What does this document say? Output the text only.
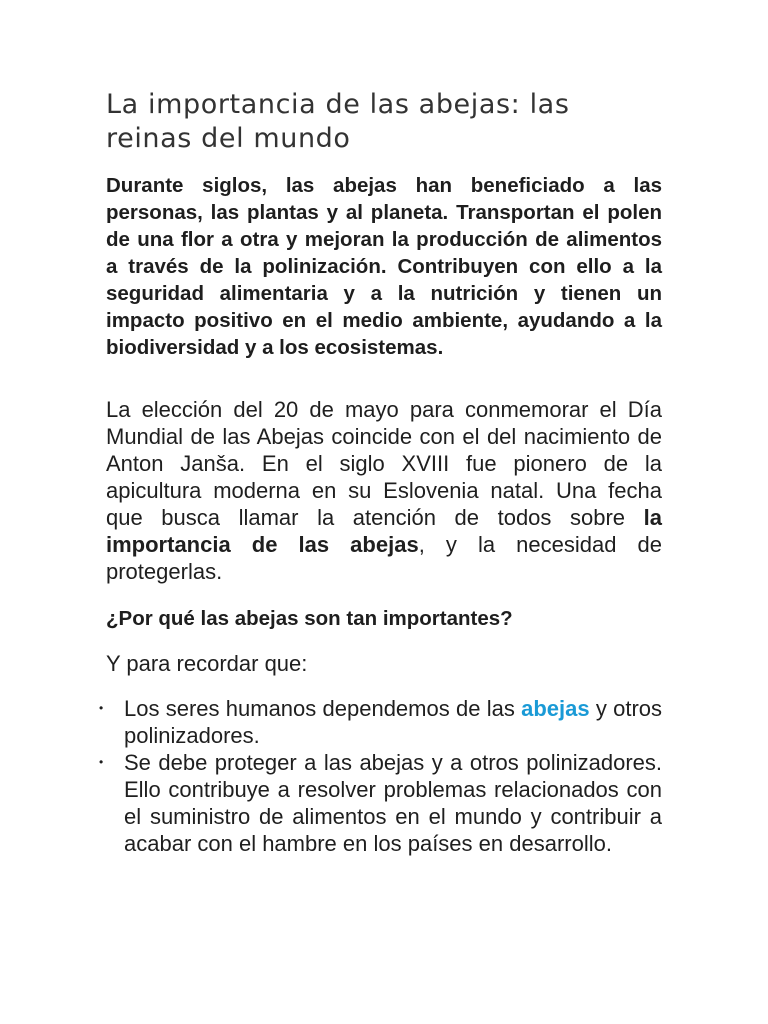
La importancia de las abejas: las reinas del mundo

Durante siglos, las abejas han beneficiado a las personas, las plantas y al planeta. Transportan el polen de una flor a otra y mejoran la producción de alimentos a través de la polinización. Contribuyen con ello a la seguridad alimentaria y a la nutrición y tienen un impacto positivo en el medio ambiente, ayudando a la biodiversidad y a los ecosistemas.

La elección del 20 de mayo para conmemorar el Día Mundial de las Abejas coincide con el del nacimiento de Anton Janša. En el siglo XVIII fue pionero de la apicultura moderna en su Eslovenia natal. Una fecha que busca llamar la atención de todos sobre la importancia de las abejas, y la necesidad de protegerlas.

¿Por qué las abejas son tan importantes?

Y para recordar que:

• Los seres humanos dependemos de las abejas y otros polinizadores.
• Se debe proteger a las abejas y a otros polinizadores. Ello contribuye a resolver problemas relacionados con el suministro de alimentos en el mundo y contribuir a acabar con el hambre en los países en desarrollo.
